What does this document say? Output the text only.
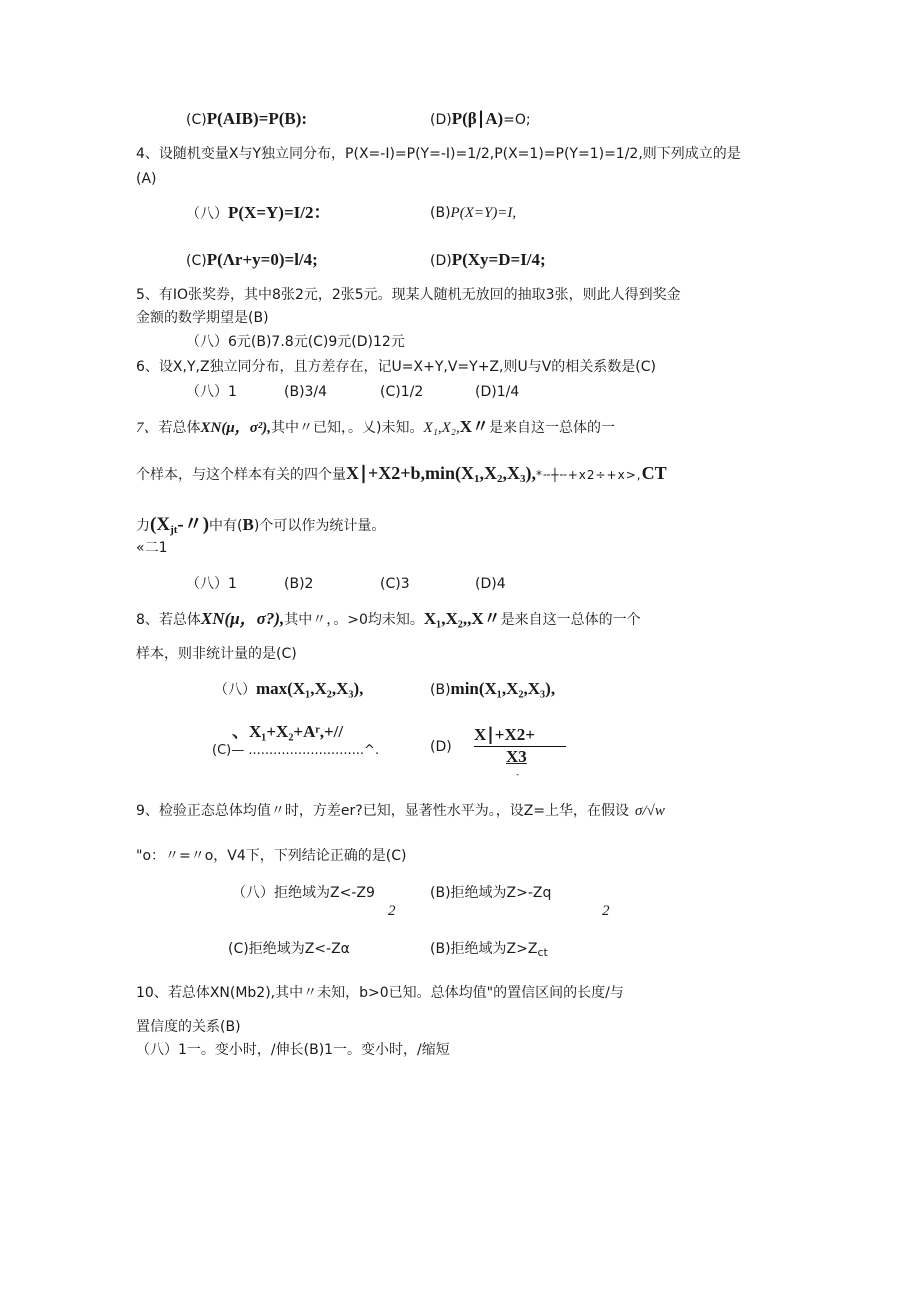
(C)P(AIB)=P(B):	(D)P(β∣A)=O;
4、设随机变量X与Y独立同分布，P(X=-I)=P(Y=-I)=1/2,P(X=1)=P(Y=1)=1/2,则下列成立的是
(A)
（八）P(X=Y)=I/2：	(B)P(X=Y)=I,
(C)P(Λr+y=0)=l/4;	(D)P(Xy=D=I/4;
5、有IO张奖券，其中8张2元，2张5元。现某人随机无放回的抽取3张，则此人得到奖金
金额的数学期望是(B)
（八）6元(B)7.8元(C)9元(D)12元
6、设X,Y,Z独立同分布，且方差存在，记U=X+Y,V=Y+Z,则U与V的相关系数是(C)
（八）1	(B)3/4	(C)1/2	(D)1/4
7、若总体XN(μ，σ²),其中〃已知，。乂)未知。X₁,X₂,X〃是来自这一总体的一
个样本，与这个样本有关的四个量$X∣+X2+b,\min(X_1,X_2,X_3),*╌┼╌+x2\div+x>,CT$
力($X_{jt}-$〃)中有(B)个可以作为统计量。
«二1
（八）1	(B)2	(C)3	(D)4
8、若总体XN(μ，σ?),其中〃，。>0均未知。X₁,X₂,,X〃是来自这一总体的一个
样本，则非统计量的是(C)
（八）max(X₁,X₂,X₃),	(B)min(X₁,X₂,X₃),
、X₁+X₂+Aʳ,+//
(C)— ............................^.	(D)
X∣+X2+
X3
-
9、检验正态总体均值〃时，方差er?已知，显著性水平为。，设Z=上华，在假设 σ/√w
"o：〃=〃o，V4下，下列结论正确的是(C)
（八）拒绝域为Z<-Z9	(B)拒绝域为Z>-Zq
2	2
(C)拒绝域为Z<-Zα	(B)拒绝域为$Z>Z_{ct}$
10、若总体XN(Mb2),其中〃未知，b>0已知。总体均值"的置信区间的长度/与
置信度的关系(B)
（八）1一。变小时，/伸长(B)1一。变小时，/缩短
